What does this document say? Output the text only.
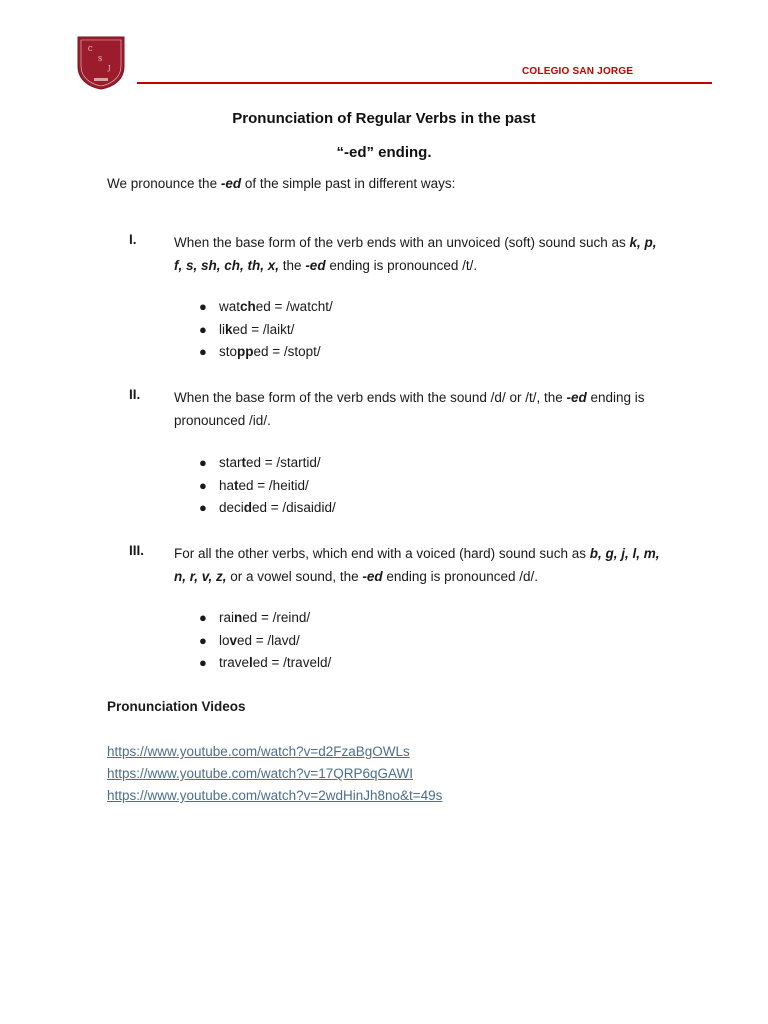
C
S
J	COLEGIO SAN JORGE
Pronunciation of Regular Verbs in the past
“-ed” ending.
We pronounce the -ed of the simple past in different ways:
I.	When the base form of the verb ends with an unvoiced (soft) sound such as k, p, f, s, sh, ch, th, x, the -ed ending is pronounced /t/.

● watched = /watcht/
● liked = /laikt/
● stopped = /stopt/
II. When the base form of the verb ends with the sound /d/ or /t/, the -ed ending is pronounced /id/.

● started = /startid/
● hated = /heitid/
● decided = /disaidid/
III. For all the other verbs, which end with a voiced (hard) sound such as b, g, j, l, m, n, r, v, z, or a vowel sound, the -ed ending is pronounced /d/.

● rained = /reind/
● loved = /lavd/
● traveled = /traveld/
Pronunciation Videos
https://www.youtube.com/watch?v=d2FzaBgOWLs
https://www.youtube.com/watch?v=17QRP6qGAWI
https://www.youtube.com/watch?v=2wdHinJh8no&t=49s
